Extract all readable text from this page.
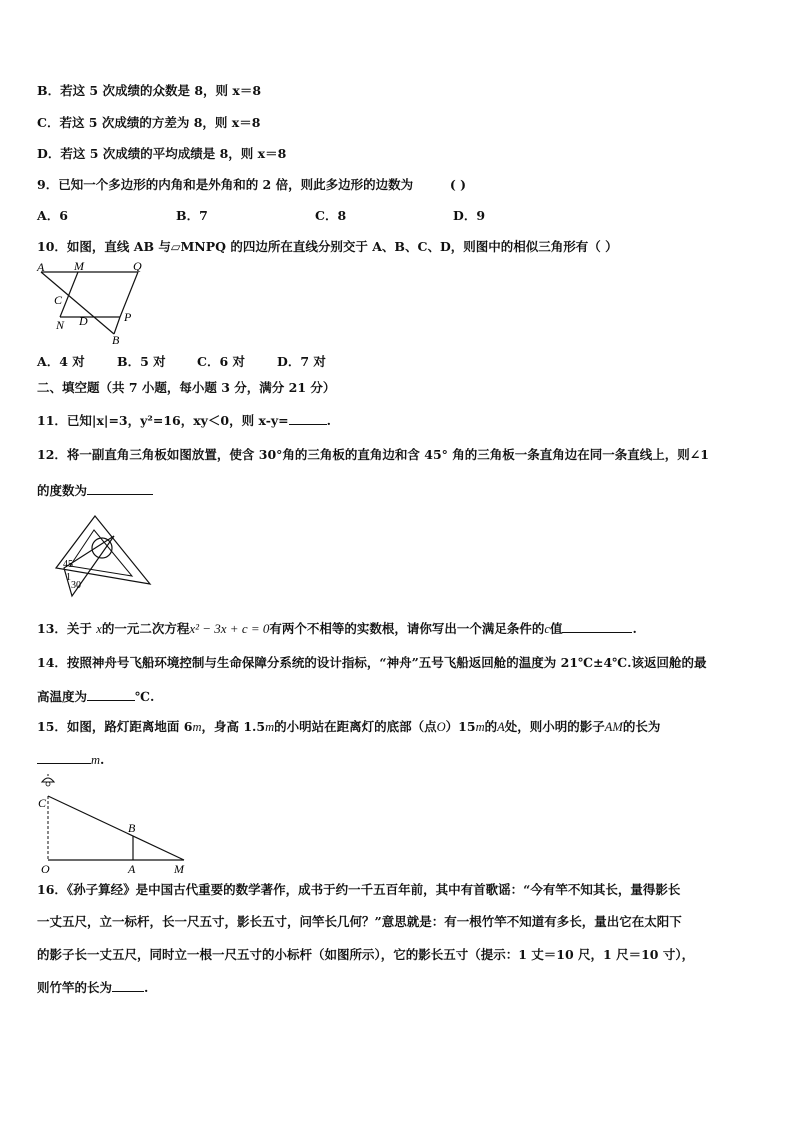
B．若这 5 次成绩的众数是 8，则 x＝8
C．若这 5 次成绩的方差为 8，则 x＝8
D．若这 5 次成绩的平均成绩是 8，则 x＝8
9．已知一个多边形的内角和是外角和的 2 倍，则此多边形的边数为	( )
A．6	B．7	C．8	D．9
10．如图，直线 AB 与▱MNPQ 的四边所在直线分别交于 A、B、C、D，则图中的相似三角形有（ ）
A M	Q
C
N D	P
B
A．4 对	B．5 对	C．6 对	D．7 对
二、填空题（共 7 小题，每小题 3 分，满分 21 分）
11．已知|x|=3，y²=16，xy＜0，则 x-y=	.
12．将一副直角三角板如图放置，使含 30°角的三角板的直角边和含 45° 角的三角板一条直角边在同一条直线上，则∠1
的度数为
45
1
30
13．关于 x的一元二次方程x² − 3x + c = 0有两个不相等的实数根，请你写出一个满足条件的c值	.
14．按照神舟号飞船环境控制与生命保障分系统的设计指标，“神舟”五号飞船返回舱的温度为 21℃±4℃.该返回舱的最
高温度为	℃.
15．如图，路灯距离地面 6m，身高 1.5m的小明站在距离灯的底部（点O）15m的A处，则小明的影子AM的长为
m.
C
B
O	A	M
16．《孙子算经》是中国古代重要的数学著作，成书于约一千五百年前，其中有首歌谣：“今有竿不知其长，量得影长
一丈五尺，立一标杆，长一尺五寸，影长五寸，问竿长几何？”意思就是：有一根竹竿不知道有多长，量出它在太阳下
的影子长一丈五尺，同时立一根一尺五寸的小标杆（如图所示），它的影长五寸（提示：1 丈＝10 尺，1 尺＝10 寸），
则竹竿的长为	.
